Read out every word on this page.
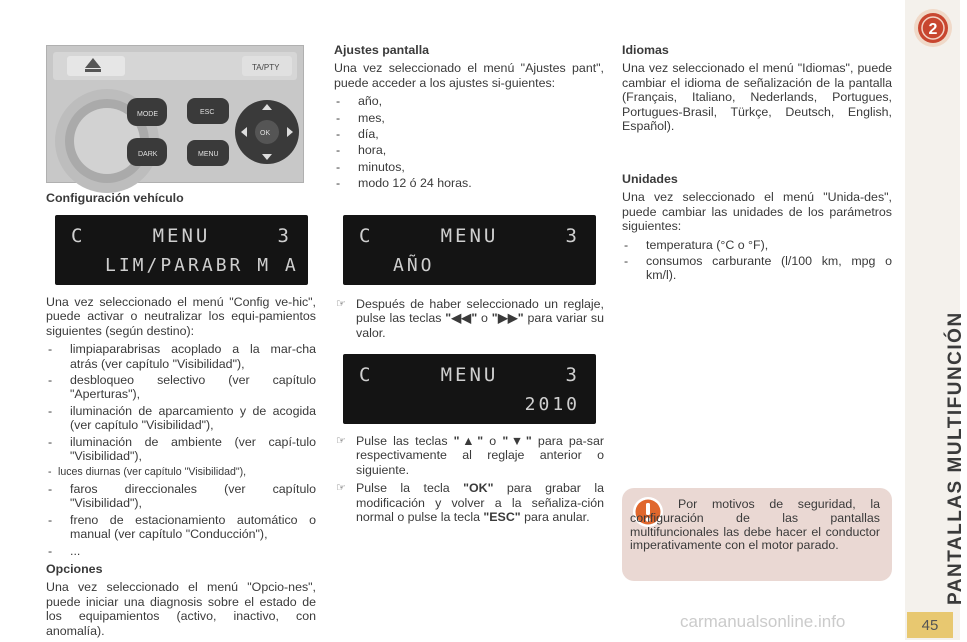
TA/PTY
MODE
DARK
ESC
MENU
OK
Configuración vehículo
C	MENU	3
LIM/PARABR M A

Una vez seleccionado el menú "Config ve-hic", puede activar o neutralizar los equi-pamientos siguientes (según destino):

- limpiaparabrisas acoplado a la mar-cha atrás (ver capítulo "Visibilidad"),
- desbloqueo selectivo (ver capítulo "Aperturas"),
- iluminación de aparcamiento y de acogida (ver capítulo "Visibilidad"),
- iluminación de ambiente (ver capí-tulo "Visibilidad"),
- luces diurnas (ver capítulo "Visibilidad"),
- faros direccionales (ver capítulo "Visibilidad"),
- freno de estacionamiento automático o manual (ver capítulo "Conducción"),
- ...
Opciones

Una vez seleccionado el menú "Opcio-nes", puede iniciar una diagnosis sobre el estado de los equipamientos (activo, inactivo, con anomalía).

Ajustes pantalla

Una vez seleccionado el menú "Ajustes pant", puede acceder a los ajustes si-guientes:

- año,
- mes,
- día,
- hora,
- minutos,
- modo 12 ó 24 horas.
C	MENU	3
AÑO

☞ Después de haber seleccionado un reglaje, pulse las teclas "◀◀" o "▶▶" para variar su valor.

C	MENU	3
2010

☞ Pulse las teclas "▲" o "▼" para pa-sar respectivamente al reglaje anterior o siguiente.

☞ Pulse la tecla "OK" para grabar la modificación y volver a la señaliza-ción normal o pulse la tecla "ESC" para anular.

Idiomas

Una vez seleccionado el menú "Idiomas", puede cambiar el idioma de señalización de la pantalla (Français, Italiano, Nederlands, Portugues, Portugues-Brasil, Türkçe, Deutsch, English, Español).

Unidades

Una vez seleccionado el menú "Unida-des", puede cambiar las unidades de los parámetros siguientes:

- temperatura (°C o °F),
- consumos carburante (l/100 km, mpg o km/l).
Por motivos de seguridad, la configuración de las pantallas multifuncionales las debe hacer el conductor imperativamente con el motor parado.
2
PANTALLAS MULTIFUNCIÓN
45
carmanualsonline.info
